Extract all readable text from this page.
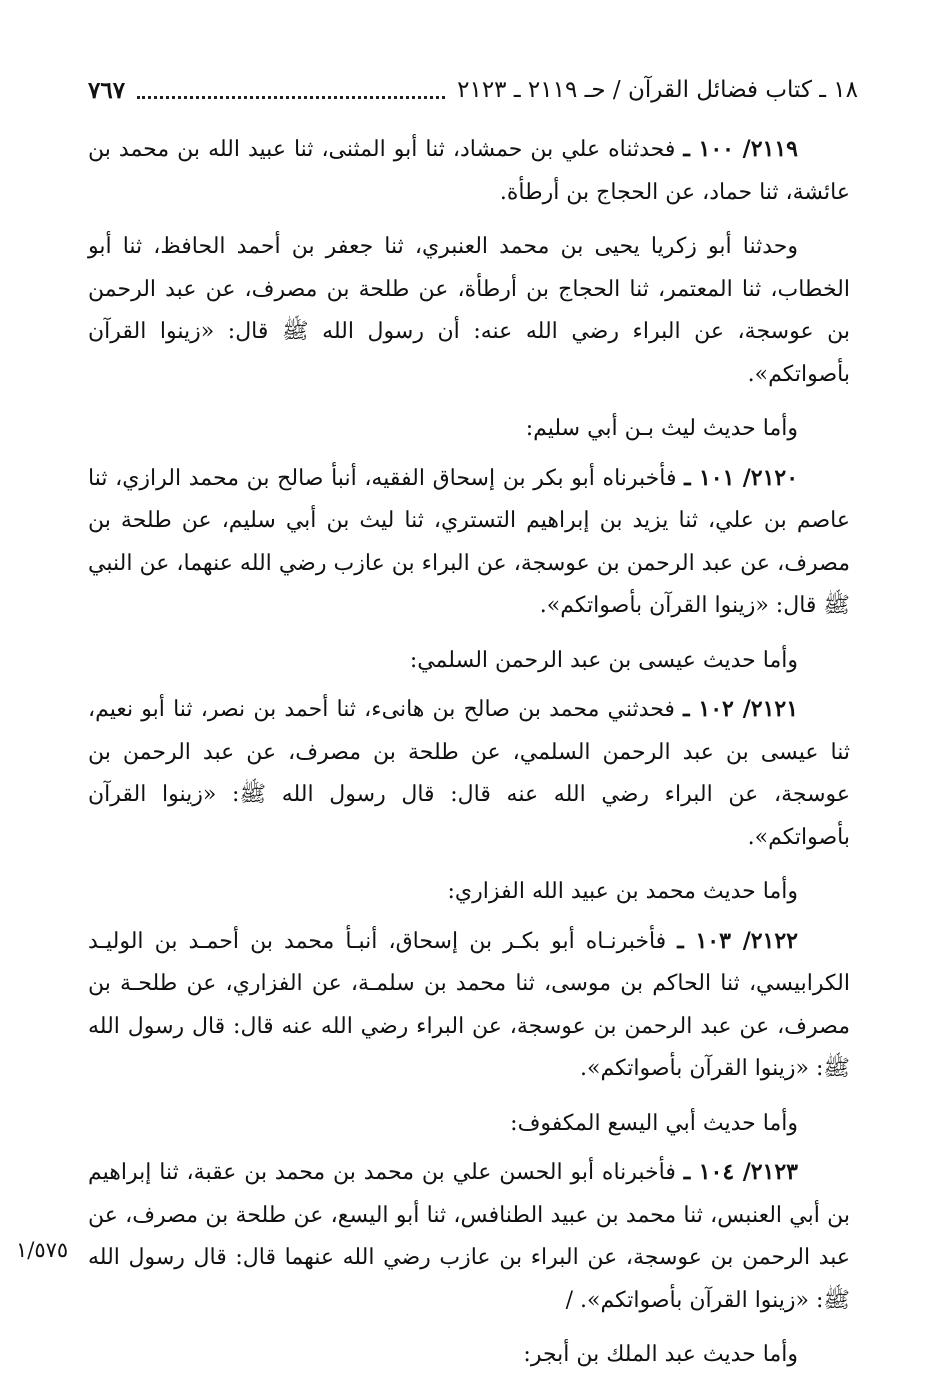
١٨ ـ كتاب فضائل القرآن / حـ ٢١١٩ ـ ٢١٢٣
٧٦٧

٢١١٩/ ١٠٠ ـ فحدثناه علي بن حمشاد، ثنا أبو المثنى، ثنا عبيد الله بن محمد بن عائشة، ثنا حماد، عن الحجاج بن أرطأة.

وحدثنا أبو زكريا يحيى بن محمد العنبري، ثنا جعفر بن أحمد الحافظ، ثنا أبو الخطاب، ثنا المعتمر، ثنا الحجاج بن أرطأة، عن طلحة بن مصرف، عن عبد الرحمن بن عوسجة، عن البراء رضي الله عنه: أن رسول الله ﷺ قال: «زينوا القرآن بأصواتكم».

وأما حديث ليث بـن أبي سليم:

٢١٢٠/ ١٠١ ـ فأخبرناه أبو بكر بن إسحاق الفقيه، أنبأ صالح بن محمد الرازي، ثنا عاصم بن علي، ثنا يزيد بن إبراهيم التستري، ثنا ليث بن أبي سليم، عن طلحة بن مصرف، عن عبد الرحمن بن عوسجة، عن البراء بن عازب رضي الله عنهما، عن النبي ﷺ قال: «زينوا القرآن بأصواتكم».

وأما حديث عيسى بن عبد الرحمن السلمي:

٢١٢١/ ١٠٢ ـ فحدثني محمد بن صالح بن هانىء، ثنا أحمد بن نصر، ثنا أبو نعيم، ثنا عيسى بن عبد الرحمن السلمي، عن طلحة بن مصرف، عن عبد الرحمن بن عوسجة، عن البراء رضي الله عنه قال: قال رسول الله ﷺ: «زينوا القرآن بأصواتكم».

وأما حديث محمد بن عبيد الله الفزاري:

٢١٢٢/ ١٠٣ ـ فأخبرنـاه أبو بكـر بن إسحاق، أنبـأ محمد بن أحمـد بن الوليـد الكرابيسي، ثنا الحاكم بن موسى، ثنا محمد بن سلمـة، عن الفزاري، عن طلحـة بن مصرف، عن عبد الرحمن بن عوسجة، عن البراء رضي الله عنه قال: قال رسول الله ﷺ: «زينوا القرآن بأصواتكم».

وأما حديث أبي اليسع المكفوف:

٢١٢٣/ ١٠٤ ـ فأخبرناه أبو الحسن علي بن محمد بن محمد بن عقبة، ثنا إبراهيم بن أبي العنبس، ثنا محمد بن عبيد الطنافس، ثنا أبو اليسع، عن طلحة بن مصرف، عن عبد الرحمن بن عوسجة، عن البراء بن عازب رضي الله عنهما قال: قال رسول الله ﷺ: «زينوا القرآن بأصواتكم». /

وأما حديث عبد الملك بن أبجر:

١/٥٧٥
